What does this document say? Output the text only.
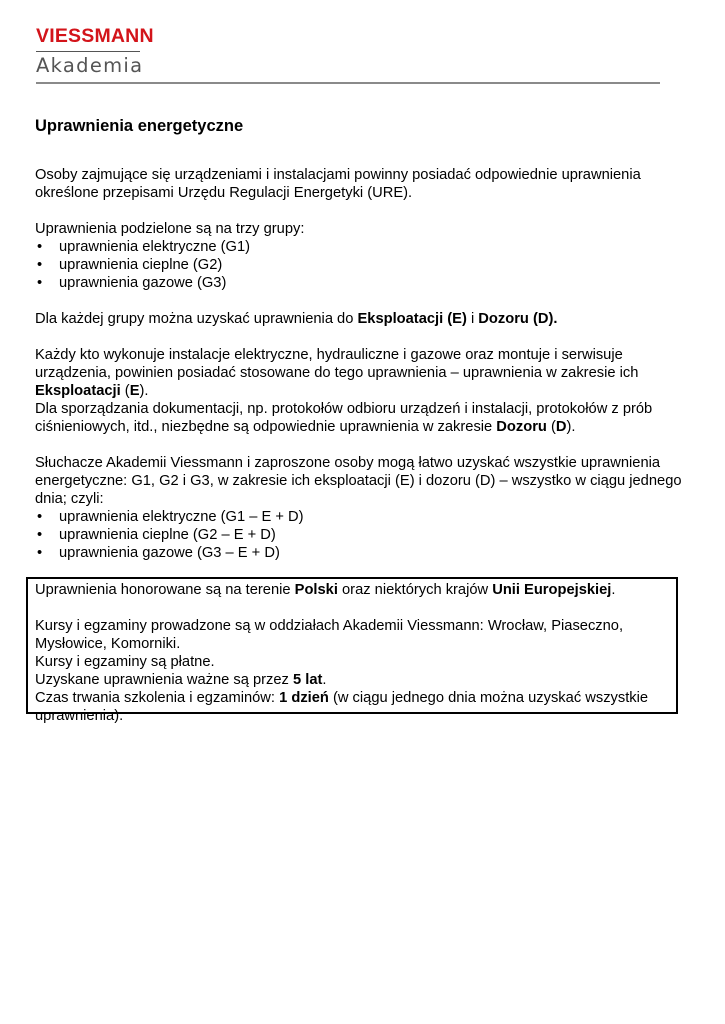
VIESSMANN
Akademia
Uprawnienia energetyczne

Osoby zajmujące się urządzeniami i instalacjami powinny posiadać odpowiednie uprawnienia określone przepisami Urzędu Regulacji Energetyki (URE).

Uprawnienia podzielone są na trzy grupy:

• uprawnienia elektryczne (G1)
• uprawnienia cieplne (G2)
• uprawnienia gazowe (G3)

Dla każdej grupy można uzyskać uprawnienia do Eksploatacji (E) i Dozoru (D).

Każdy kto wykonuje instalacje elektryczne, hydrauliczne i gazowe oraz montuje i serwisuje urządzenia, powinien posiadać stosowane do tego uprawnienia – uprawnienia w zakresie ich Eksploatacji (E).

Dla sporządzania dokumentacji, np. protokołów odbioru urządzeń i instalacji, protokołów z prób ciśnieniowych, itd., niezbędne są odpowiednie uprawnienia w zakresie Dozoru (D).

Słuchacze Akademii Viessmann i zaproszone osoby mogą łatwo uzyskać wszystkie uprawnienia energetyczne: G1, G2 i G3, w zakresie ich eksploatacji (E) i dozoru (D) – wszystko w ciągu jednego dnia; czyli:

• uprawnienia elektryczne (G1 – E + D)
• uprawnienia cieplne (G2 – E + D)
• uprawnienia gazowe (G3 – E + D)

Uprawnienia honorowane są na terenie Polski oraz niektórych krajów Unii Europejskiej.

Kursy i egzaminy prowadzone są w oddziałach Akademii Viessmann: Wrocław, Piaseczno, Mysłowice, Komorniki.

Kursy i egzaminy są płatne.

Uzyskane uprawnienia ważne są przez 5 lat.

Czas trwania szkolenia i egzaminów: 1 dzień (w ciągu jednego dnia można uzyskać wszystkie uprawnienia).
